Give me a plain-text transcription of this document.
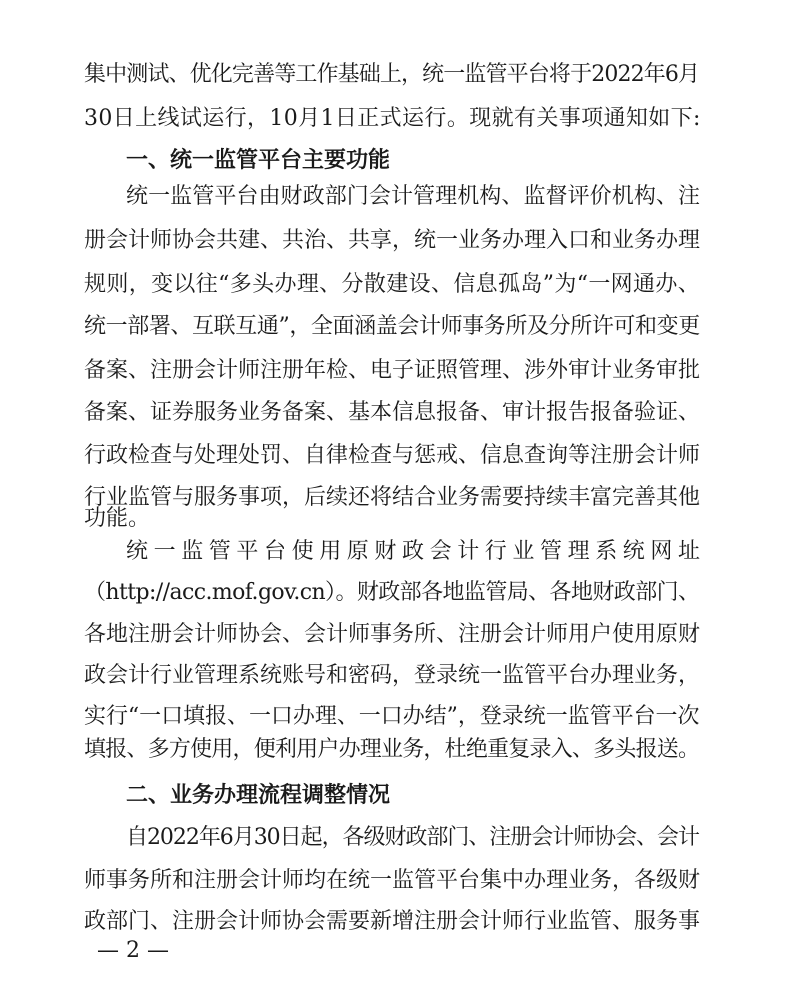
集中测试、优化完善等工作基础上，统一监管平台将于2022年6月
30日上线试运行，10月1日正式运行。现就有关事项通知如下:
一、统一监管平台主要功能
统一监管平台由财政部门会计管理机构、监督评价机构、注
册会计师协会共建、共治、共享，统一业务办理入口和业务办理
规则，变以往“多头办理、分散建设、信息孤岛”为“一网通办、
统一部署、互联互通”，全面涵盖会计师事务所及分所许可和变更
备案、注册会计师注册年检、电子证照管理、涉外审计业务审批
备案、证券服务业务备案、基本信息报备、审计报告报备验证、
行政检查与处理处罚、自律检查与惩戒、信息查询等注册会计师
行业监管与服务事项，后续还将结合业务需要持续丰富完善其他
功能。
统一监管平台使用原财政会计行业管理系统网址
（http://acc.mof.gov.cn）。财政部各地监管局、各地财政部门、
各地注册会计师协会、会计师事务所、注册会计师用户使用原财
政会计行业管理系统账号和密码，登录统一监管平台办理业务，
实行“一口填报、一口办理、一口办结”，登录统一监管平台一次
填报、多方使用，便利用户办理业务，杜绝重复录入、多头报送。
二、业务办理流程调整情况
自2022年6月30日起，各级财政部门、注册会计师协会、会计
师事务所和注册会计师均在统一监管平台集中办理业务，各级财
政部门、注册会计师协会需要新增注册会计师行业监管、服务事
— 2 —
